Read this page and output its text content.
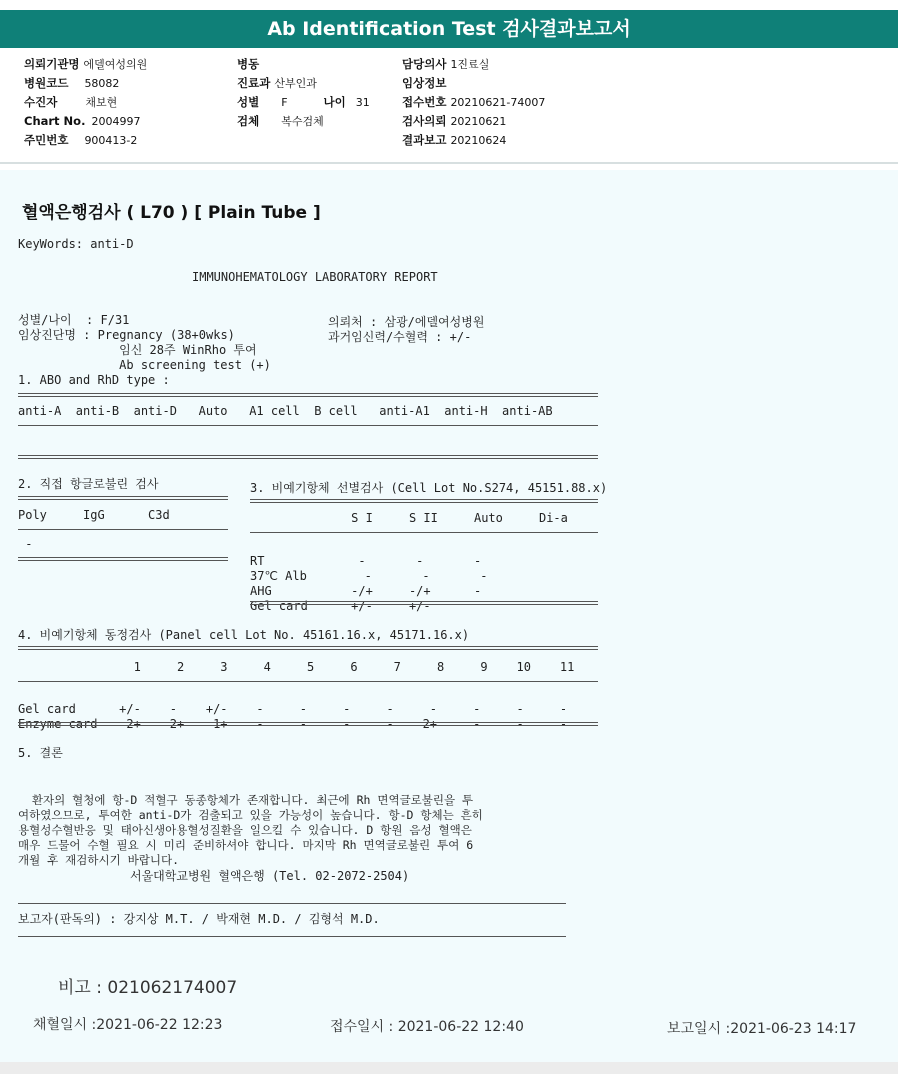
Ab Identification Test 검사결과보고서
의뢰기관명 에델여성의원
병원코드 58082
수진자	채보현
Chart No. 2004997
주민번호 900413-2
병동
진료과 산부인과
성별 F	나이 31
검체 복수검체
담당의사 1진료실
임상정보
접수번호 20210621-74007
검사의뢰 20210621
결과보고 20210624
혈액은행검사 ( L70 ) [ Plain Tube ]
KeyWords: anti-D
IMMUNOHEMATOLOGY LABORATORY REPORT

성별/나이  : F/31
임상진단명 : Pregnancy (38+0wks)
임신 28주 WinRho 투여
Ab screening test (+)

의뢰처 : 삼광/에델여성병원
과거임신력/수혈력 : +/-
1. ABO and RhD type :
anti-A  anti-B  anti-D   Auto   A1 cell  B cell   anti-A1  anti-H  anti-AB
2. 직접 항글로불린 검사
Poly     IgG      C3d
-
3. 비예기항체 선별검사 (Cell Lot No.S274, 45151.88.x)
S I     S II     Auto     Di-a

RT             -       -       -
37℃ Alb        -       -       -
AHG           -/+     -/+      -
Gel card      +/-     +/-
4. 비예기항체 동정검사 (Panel cell Lot No. 45161.16.x, 45171.16.x)
1     2     3     4     5     6     7     8     9    10    11

Gel card      +/-    -    +/-    -     -     -     -     -     -     -     -
Enzyme card    2+    2+    1+    -     -     -     -    2+     -     -     -
5. 결론

환자의 혈청에 항-D 적혈구 동종항체가 존재합니다. 최근에 Rh 면역글로불린을 투
여하였으므로, 투여한 anti-D가 검출되고 있을 가능성이 높습니다. 항-D 항체는 흔히
용혈성수혈반응 및 태아신생아용혈성질환을 일으킬 수 있습니다. D 항원 음성 혈액은
매우 드물어 수혈 필요 시 미리 준비하셔야 합니다. 마지막 Rh 면역글로불린 투여 6
개월 후 재검하시기 바랍니다.
서울대학교병원 혈액은행 (Tel. 02-2072-2504)
보고자(판독의) : 강지상 M.T. / 박재현 M.D. / 김형석 M.D.
비고 : 021062174007
채혈일시 :2021-06-22 12:23	접수일시 : 2021-06-22 12:40	보고일시 :2021-06-23 14:17
